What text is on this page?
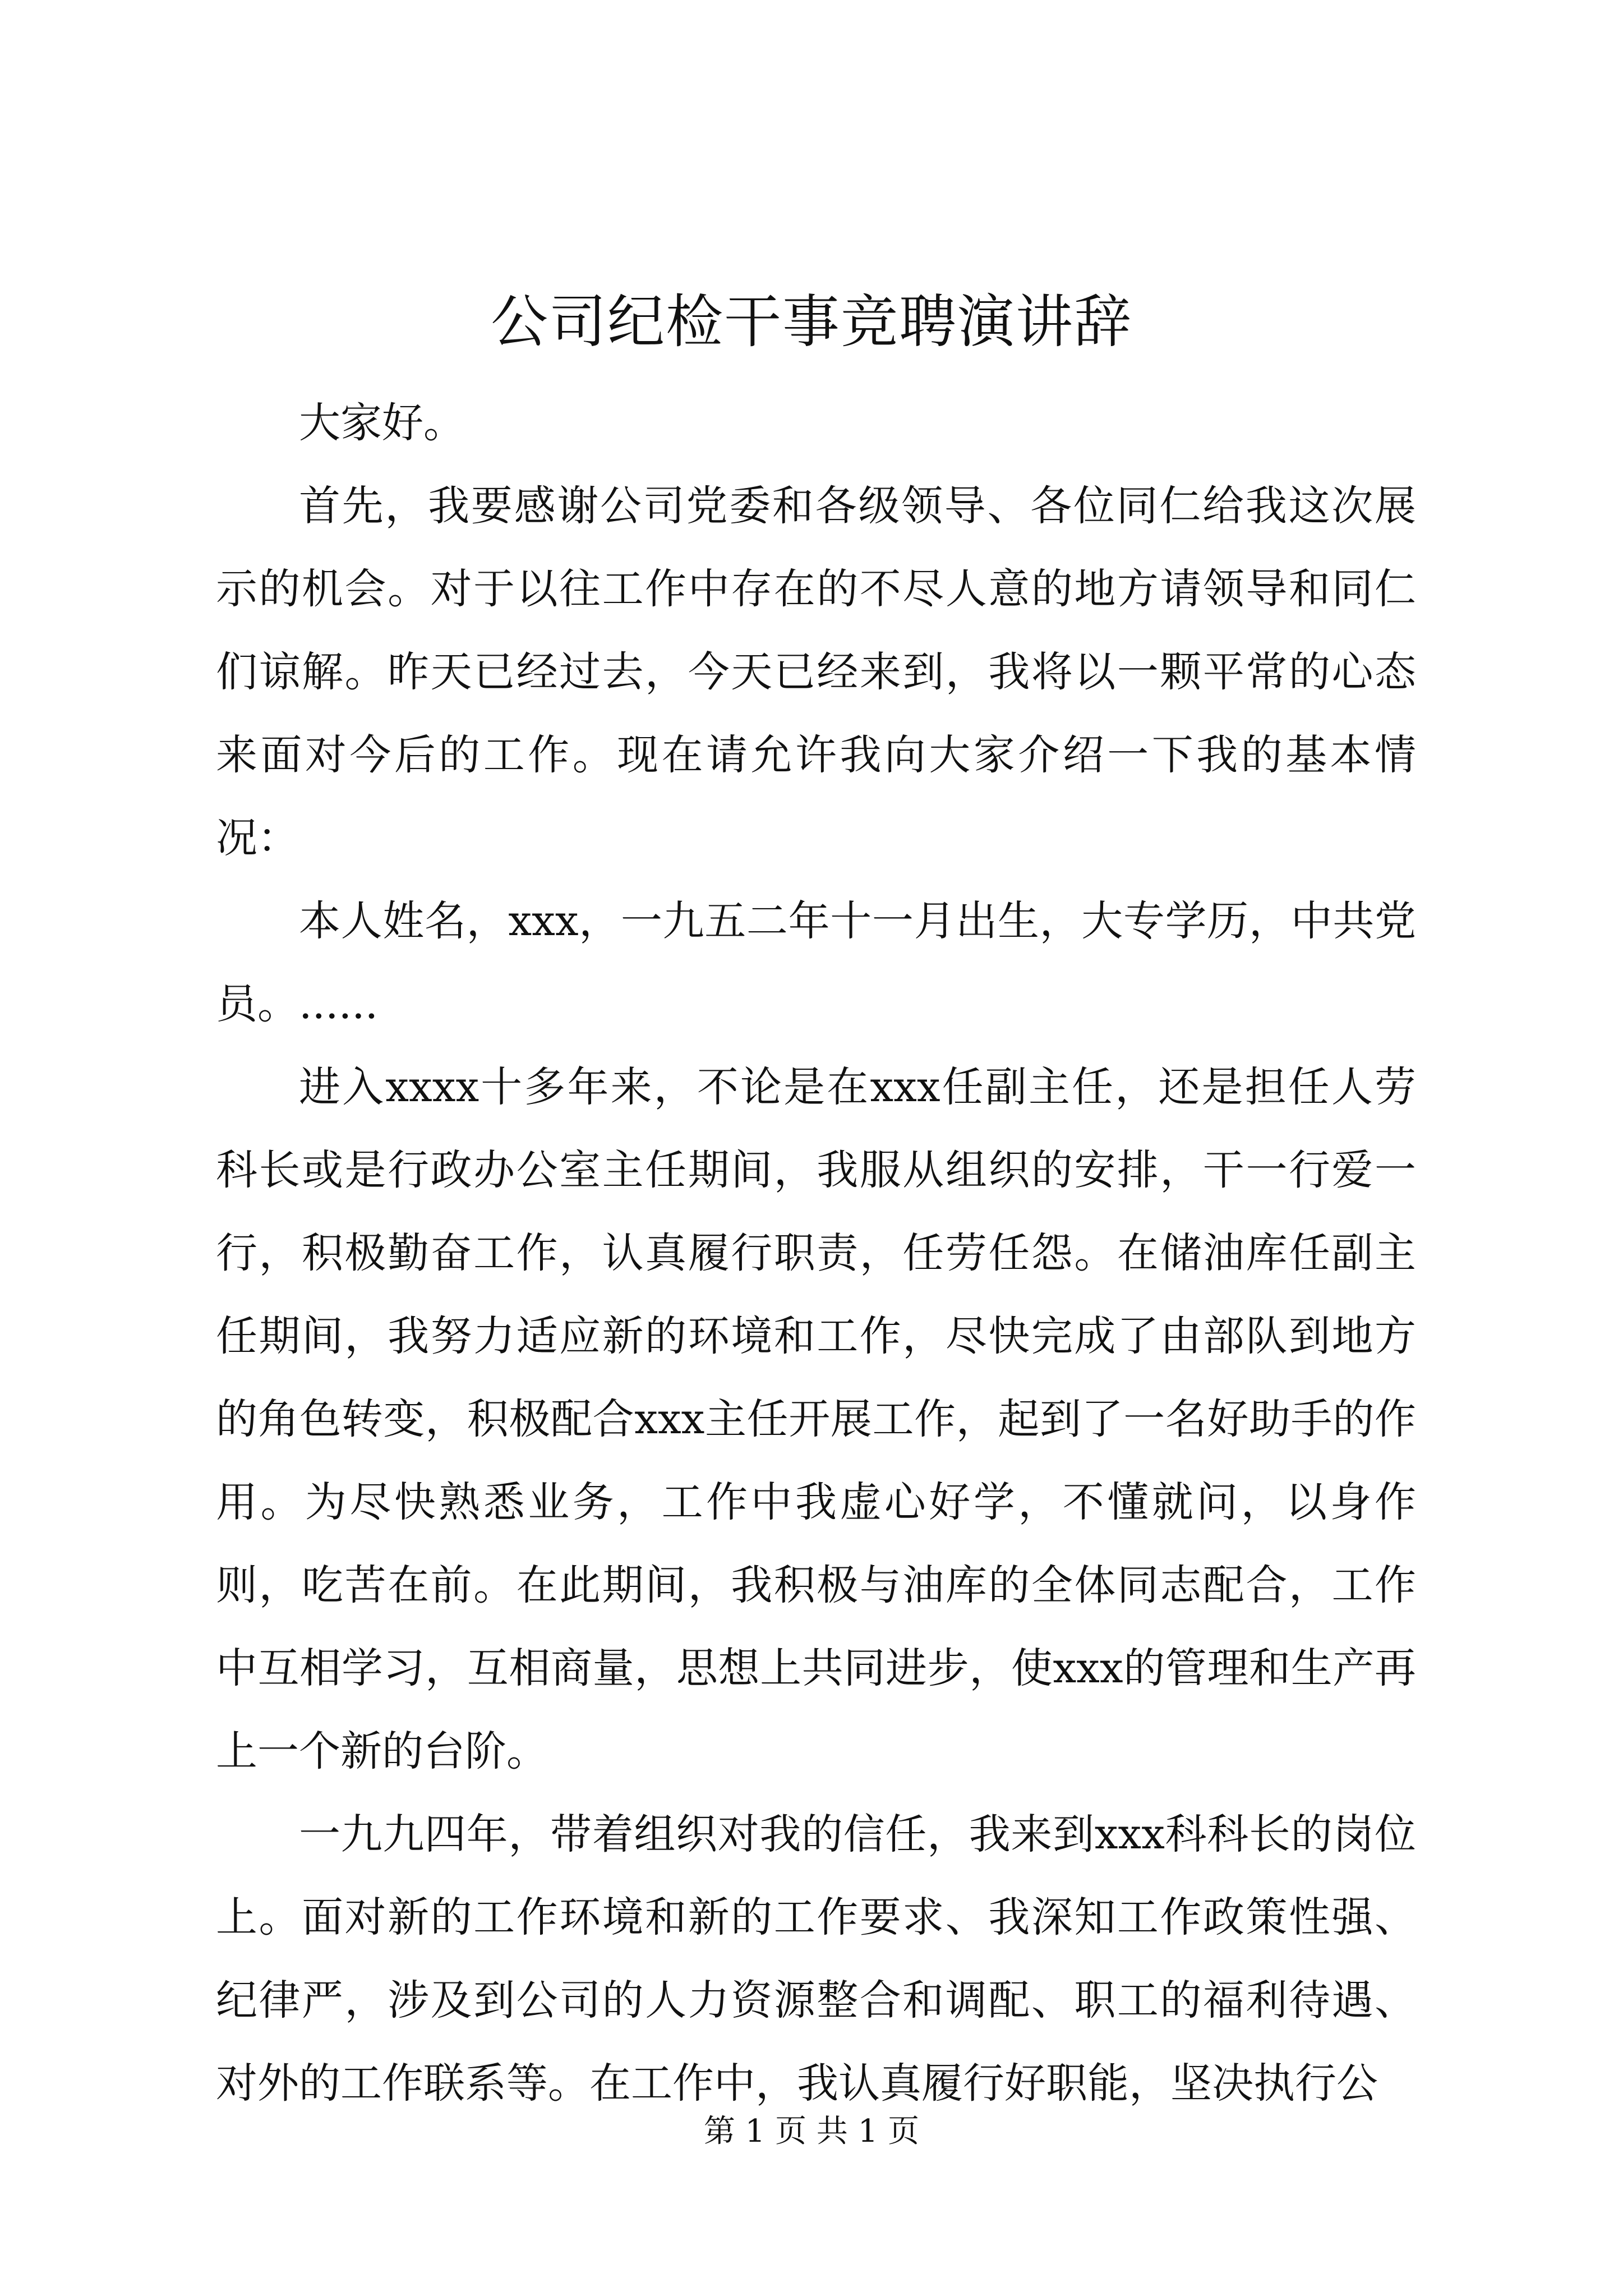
公司纪检干事竞聘演讲辞

大家好。

首先，我要感谢公司党委和各级领导、各位同仁给我这次展示的机会。对于以往工作中存在的不尽人意的地方请领导和同仁们谅解。昨天已经过去，今天已经来到，我将以一颗平常的心态来面对今后的工作。现在请允许我向大家介绍一下我的基本情况：

本人姓名，xxx，一九五二年十一月出生，大专学历，中共党员。......

进入xxxx十多年来，不论是在xxx任副主任，还是担任人劳科长或是行政办公室主任期间，我服从组织的安排，干一行爱一行，积极勤奋工作，认真履行职责，任劳任怨。在储油库任副主任期间，我努力适应新的环境和工作，尽快完成了由部队到地方的角色转变，积极配合xxx主任开展工作，起到了一名好助手的作用。为尽快熟悉业务，工作中我虚心好学，不懂就问，以身作则，吃苦在前。在此期间，我积极与油库的全体同志配合，工作中互相学习，互相商量，思想上共同进步，使xxx的管理和生产再上一个新的台阶。

一九九四年，带着组织对我的信任，我来到xxx科科长的岗位上。面对新的工作环境和新的工作要求、我深知工作政策性强、纪律严，涉及到公司的人力资源整合和调配、职工的福利待遇、对外的工作联系等。在工作中，我认真履行好职能，坚决执行公

第 1 页 共 1 页
